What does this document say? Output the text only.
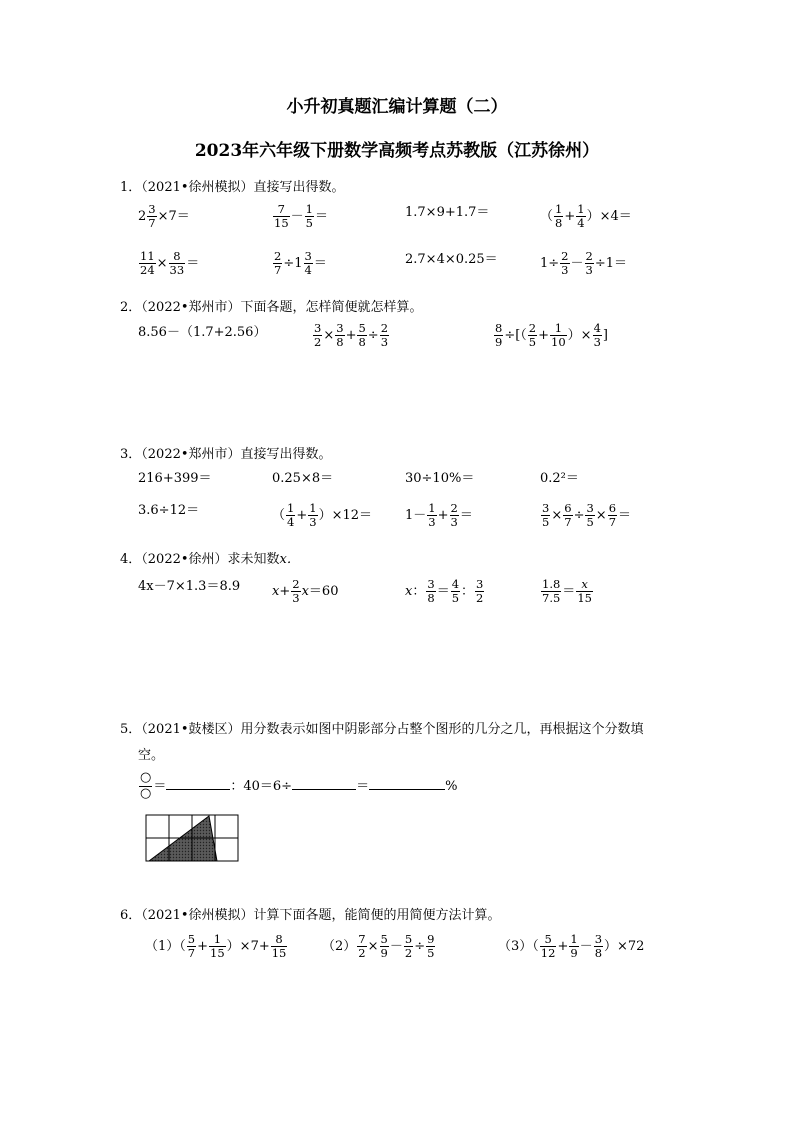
小升初真题汇编计算题（二）
2023年六年级下册数学高频考点苏教版（江苏徐州）
1．（2021•徐州模拟）直接写出得数。
$2 \frac{3}{7} \times 7=$	$\frac{7}{15} - \frac{1}{5}$ ＝	1.7×9+1.7＝	（ $\frac{1}{8} + \frac{1}{4} )\times 4=$
$\frac{11}{24} \times \frac{8}{33}$ ＝	$\frac{2}{7} \div 1 \frac{3}{4}$ ＝	2.7×4×0.25＝	$1\div \frac{2}{3} - \frac{2}{3} \div 1=$
2．（2022•郑州市）下面各题，怎样简便就怎样算。
8.56－（1.7+2.56）	$\frac{3}{2} \times \frac{3}{8} + \frac{5}{8} \div \frac{2}{3}$	$\frac{8}{9}$ ÷[（ $\frac{2}{5} + \frac{1}{10}$ ）× $\frac{4}{3}$ ]
3．（2022•郑州市）直接写出得数。
216+399＝	0.25×8＝	30÷10%＝	0.2²＝
3.6÷12＝	（ $\frac{1}{4} + \frac{1}{3} )\times 12=$	$1- \frac{1}{3} + \frac{2}{3}$ ＝	$\frac{3}{5} \times \frac{6}{7} \div \frac{3}{5} \times \frac{6}{7}$ ＝
4．（2022•徐州）求未知数x．
4x－7×1.3＝8.9 $x+ \frac{2}{3} x=60$	x： $\frac{3}{8} = \frac{4}{5}$ ： $\frac{3}{2}$	$\frac{1.8}{7.5} = \frac{x}{15}$
5．（2021•鼓楼区）用分数表示如图中阴影部分占整个图形的几分之几，再根据这个分数填
空。
$\frac{○}{○}$ ＝	：40＝6÷	＝	%
6．（2021•徐州模拟）计算下面各题，能简便的用简便方法计算。
$(1)( \frac{5}{7} + \frac{1}{15} )\times 7+ \frac{8}{15}$	$(2) \frac{7}{2} \times \frac{5}{9} - \frac{5}{2} \div \frac{9}{5}$	$(3)( \frac{5}{12} + \frac{1}{9} - \frac{3}{8} )\times 72$
